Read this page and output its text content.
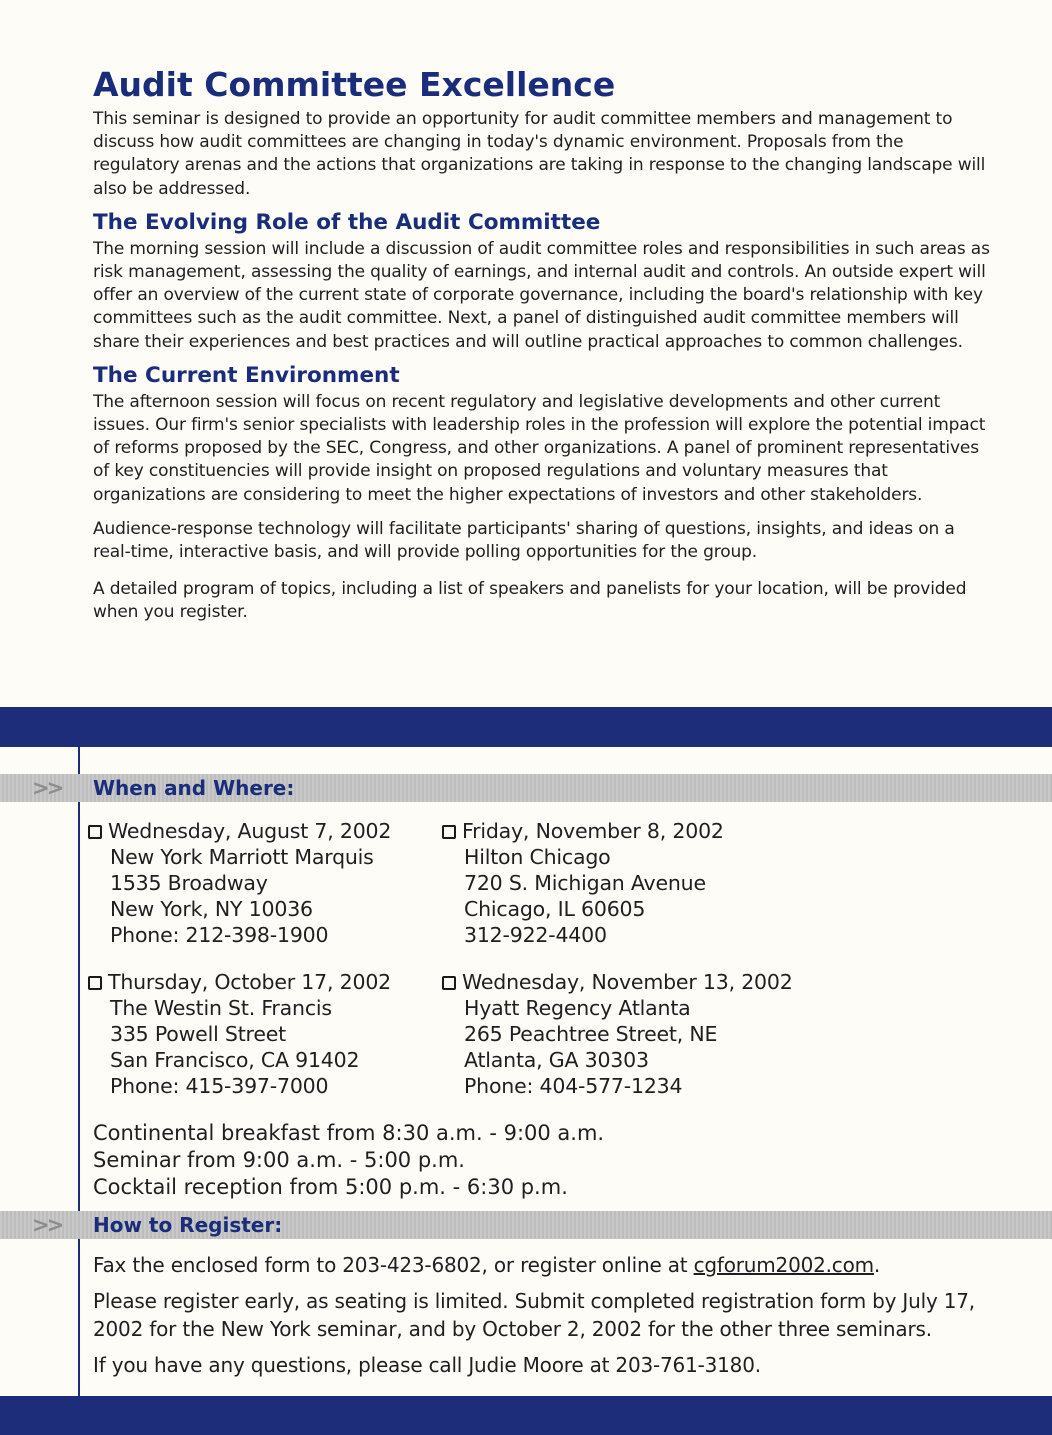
Audit Committee Excellence

This seminar is designed to provide an opportunity for audit committee members and management to discuss how audit committees are changing in today's dynamic environment. Proposals from the regulatory arenas and the actions that organizations are taking in response to the changing landscape will also be addressed.

The Evolving Role of the Audit Committee

The morning session will include a discussion of audit committee roles and responsibilities in such areas as risk management, assessing the quality of earnings, and internal audit and controls. An outside expert will offer an overview of the current state of corporate governance, including the board's relationship with key committees such as the audit committee. Next, a panel of distinguished audit committee members will share their experiences and best practices and will outline practical approaches to common challenges.

The Current Environment

The afternoon session will focus on recent regulatory and legislative developments and other current issues. Our firm's senior specialists with leadership roles in the profession will explore the potential impact of reforms proposed by the SEC, Congress, and other organizations. A panel of prominent representatives of key constituencies will provide insight on proposed regulations and voluntary measures that organizations are considering to meet the higher expectations of investors and other stakeholders.

Audience-response technology will facilitate participants' sharing of questions, insights, and ideas on a real-time, interactive basis, and will provide polling opportunities for the group.

A detailed program of topics, including a list of speakers and panelists for your location, will be provided when you register.

>> When and Where:
Wednesday, August 7, 2002
New York Marriott Marquis
1535 Broadway
New York, NY 10036
Phone: 212-398-1900
Friday, November 8, 2002
Hilton Chicago
720 S. Michigan Avenue
Chicago, IL 60605
312-922-4400
Thursday, October 17, 2002
The Westin St. Francis
335 Powell Street
San Francisco, CA 91402
Phone: 415-397-7000
Wednesday, November 13, 2002
Hyatt Regency Atlanta
265 Peachtree Street, NE
Atlanta, GA 30303
Phone: 404-577-1234
Continental breakfast from 8:30 a.m. - 9:00 a.m.
Seminar from 9:00 a.m. - 5:00 p.m.
Cocktail reception from 5:00 p.m. - 6:30 p.m.
>> How to Register:

Fax the enclosed form to 203-423-6802, or register online at cgforum2002.com.

Please register early, as seating is limited. Submit completed registration form by July 17, 2002 for the New York seminar, and by October 2, 2002 for the other three seminars.

If you have any questions, please call Judie Moore at 203-761-3180.
